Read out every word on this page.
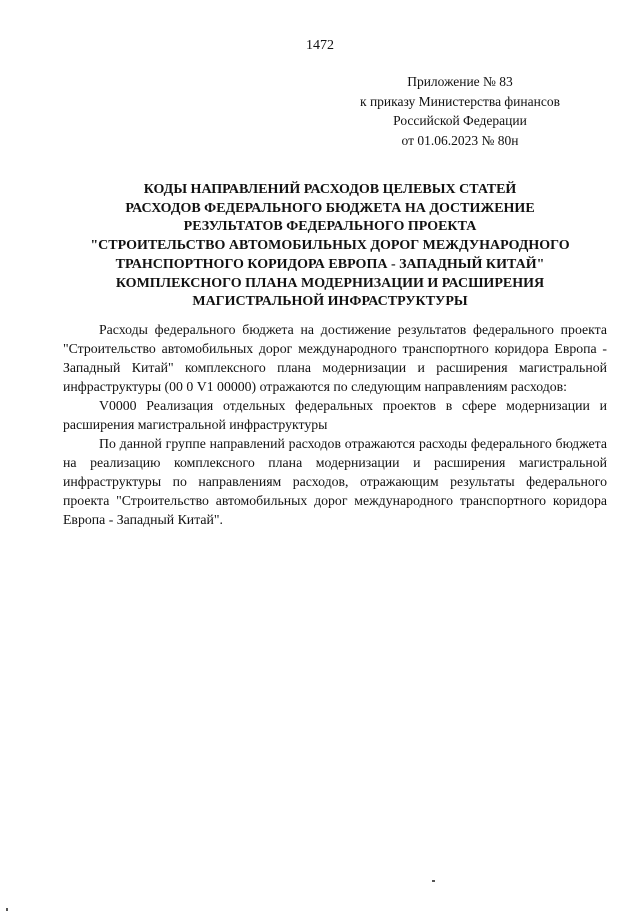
1472
Приложение № 83
к приказу Министерства финансов
Российской Федерации
от 01.06.2023 № 80н
КОДЫ НАПРАВЛЕНИЙ РАСХОДОВ ЦЕЛЕВЫХ СТАТЕЙ
РАСХОДОВ ФЕДЕРАЛЬНОГО БЮДЖЕТА НА ДОСТИЖЕНИЕ
РЕЗУЛЬТАТОВ ФЕДЕРАЛЬНОГО ПРОЕКТА
"СТРОИТЕЛЬСТВО АВТОМОБИЛЬНЫХ ДОРОГ МЕЖДУНАРОДНОГО
ТРАНСПОРТНОГО КОРИДОРА ЕВРОПА - ЗАПАДНЫЙ КИТАЙ"
КОМПЛЕКСНОГО ПЛАНА МОДЕРНИЗАЦИИ И РАСШИРЕНИЯ
МАГИСТРАЛЬНОЙ ИНФРАСТРУКТУРЫ

Расходы федерального бюджета на достижение результатов федерального проекта "Строительство автомобильных дорог международного транспортного коридора Европа - Западный Китай" комплексного плана модернизации и расширения магистральной инфраструктуры (00 0 V1 00000) отражаются по следующим направлениям расходов:

V0000 Реализация отдельных федеральных проектов в сфере модернизации и расширения магистральной инфраструктуры

По данной группе направлений расходов отражаются расходы федерального бюджета на реализацию комплексного плана модернизации и расширения магистральной инфраструктуры по направлениям расходов, отражающим результаты федерального проекта "Строительство автомобильных дорог международного транспортного коридора Европа - Западный Китай".
